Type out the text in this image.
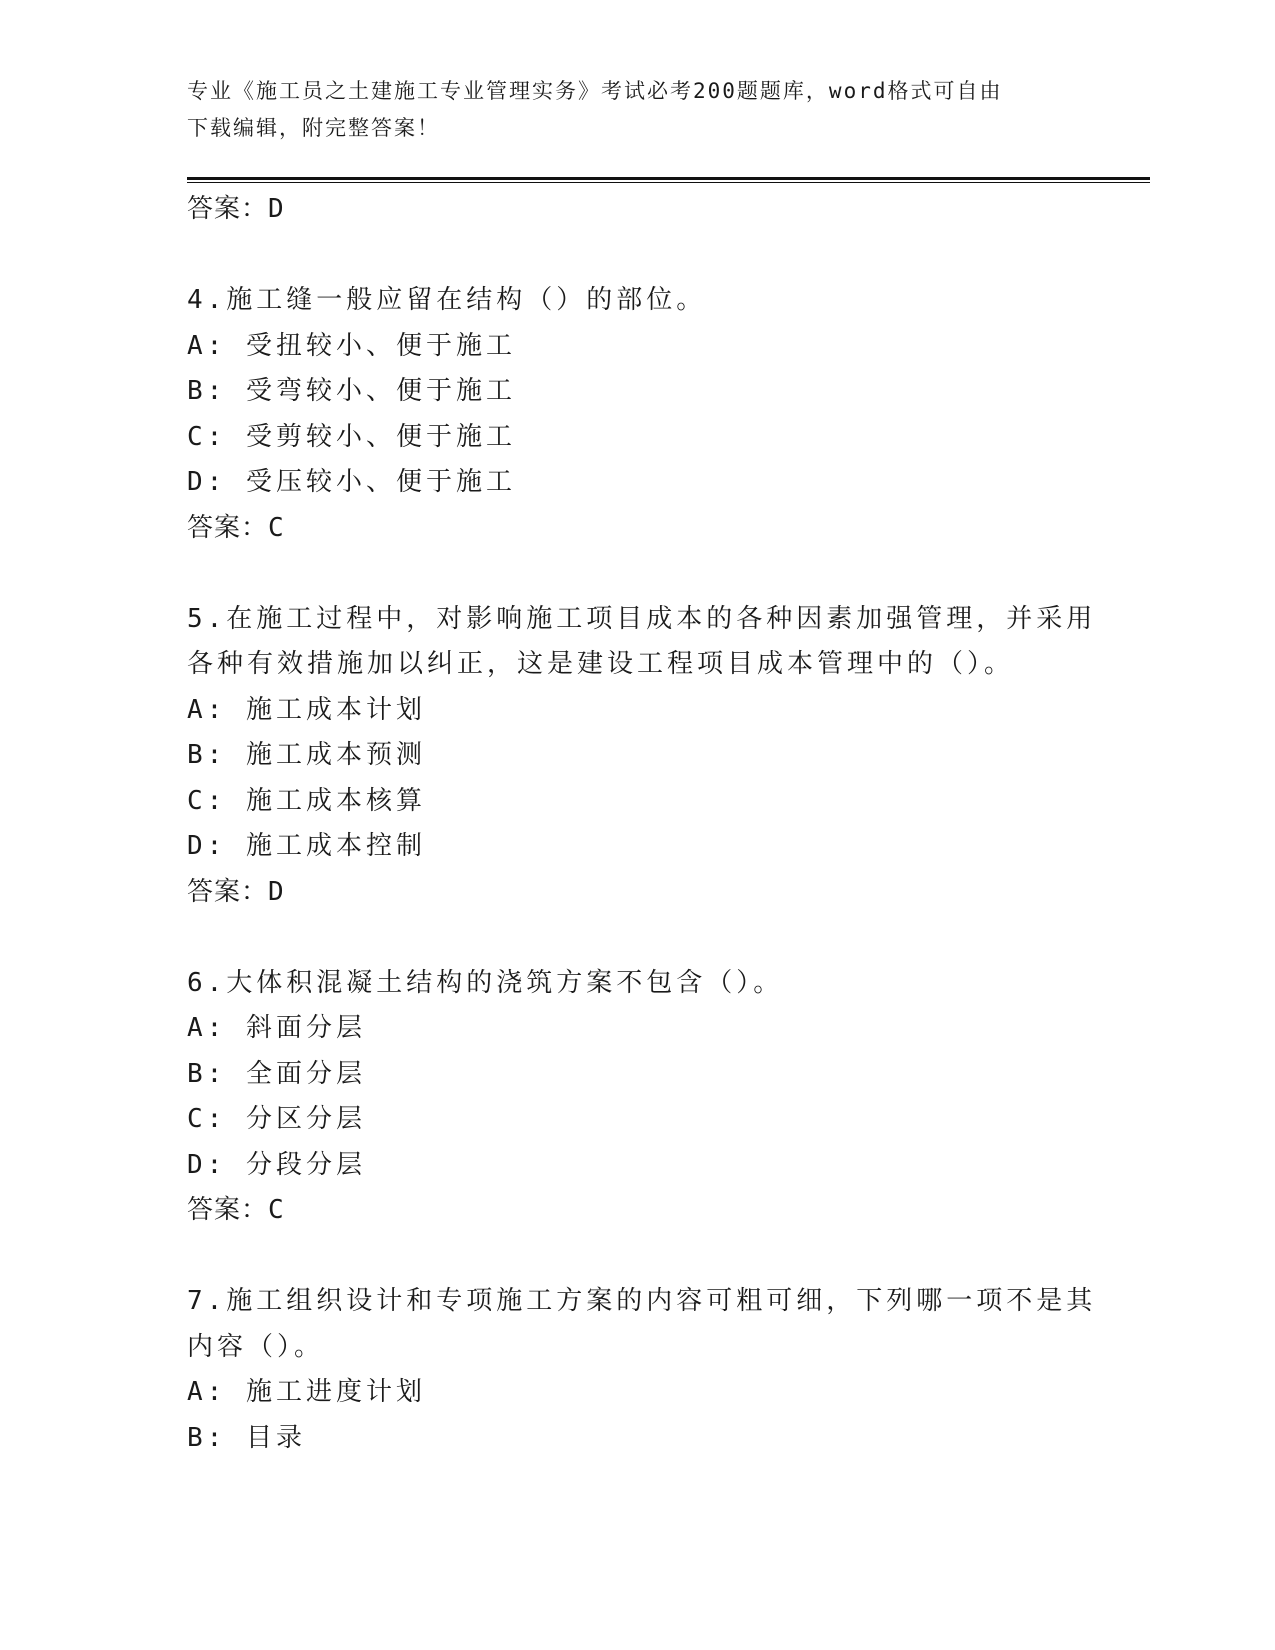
专业《施工员之土建施工专业管理实务》考试必考200题题库，word格式可自由
下载编辑，附完整答案！

答案：D

4.施工缝一般应留在结构（）的部位。

A: 受扭较小、便于施工

B: 受弯较小、便于施工

C: 受剪较小、便于施工

D: 受压较小、便于施工

答案：C

5.在施工过程中，对影响施工项目成本的各种因素加强管理，并采用

各种有效措施加以纠正，这是建设工程项目成本管理中的（）。

A: 施工成本计划

B: 施工成本预测

C: 施工成本核算

D: 施工成本控制

答案：D

6.大体积混凝土结构的浇筑方案不包含（）。

A: 斜面分层

B: 全面分层

C: 分区分层

D: 分段分层

答案：C

7.施工组织设计和专项施工方案的内容可粗可细，下列哪一项不是其

内容（）。

A: 施工进度计划

B: 目录
